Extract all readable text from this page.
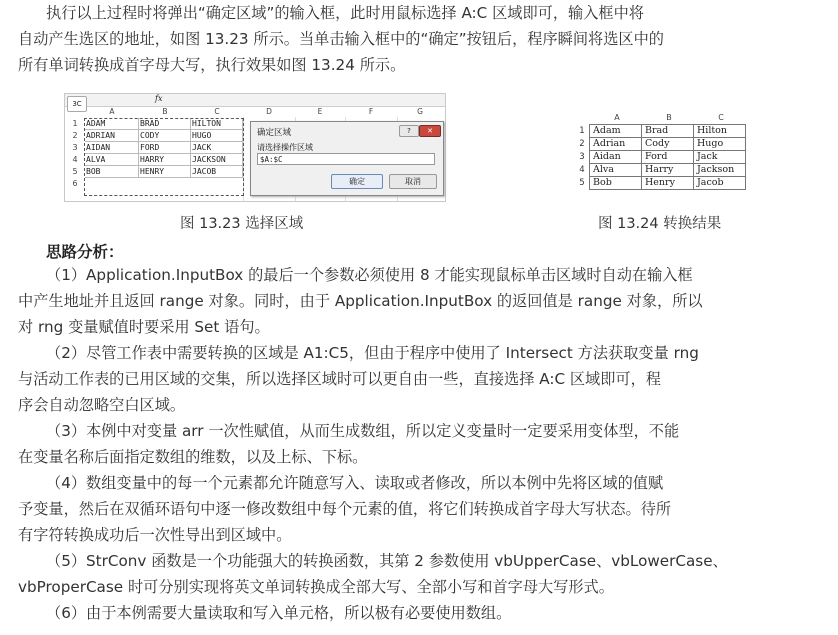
执行以上过程时将弹出“确定区域”的输入框，此时用鼠标选择 A:C 区域即可，输入框中将
自动产生选区的地址，如图 13.23 所示。当单击输入框中的“确定”按钮后，程序瞬间将选区中的
所有单词转换成首字母大写，执行效果如图 13.24 所示。
fx
3C
A	B	C	D	E	F	G
1
2
3
4
5
6
ADAM	BRAD	HILTON
ADRIAN	CODY	HUGO
AIDAN	FORD	JACK
ALVA	HARRY	JACKSON
BOB	HENRY	JACOB
确定区域	?	✕
请选择操作区域
$A:$C
确定	取消
图 13.23 选择区域
	A	B	C
1	Adam	Brad	Hilton
2	Adrian	Cody	Hugo
3	Aidan	Ford	Jack
4	Alva	Harry	Jackson
5	Bob	Henry	Jacob
图 13.24 转换结果
思路分析：
（1）Application.InputBox 的最后一个参数必须使用 8 才能实现鼠标单击区域时自动在输入框
中产生地址并且返回 range 对象。同时，由于 Application.InputBox 的返回值是 range 对象，所以
对 rng 变量赋值时要采用 Set 语句。
（2）尽管工作表中需要转换的区域是 A1:C5，但由于程序中使用了 Intersect 方法获取变量 rng
与活动工作表的已用区域的交集，所以选择区域时可以更自由一些，直接选择 A:C 区域即可，程
序会自动忽略空白区域。
（3）本例中对变量 arr 一次性赋值，从而生成数组，所以定义变量时一定要采用变体型，不能
在变量名称后面指定数组的维数，以及上标、下标。
（4）数组变量中的每一个元素都允许随意写入、读取或者修改，所以本例中先将区域的值赋
予变量，然后在双循环语句中逐一修改数组中每个元素的值，将它们转换成首字母大写状态。待所
有字符转换成功后一次性导出到区域中。
（5）StrConv 函数是一个功能强大的转换函数，其第 2 参数使用 vbUpperCase、vbLowerCase、
vbProperCase 时可分别实现将英文单词转换成全部大写、全部小写和首字母大写形式。
（6）由于本例需要大量读取和写入单元格，所以极有必要使用数组。
